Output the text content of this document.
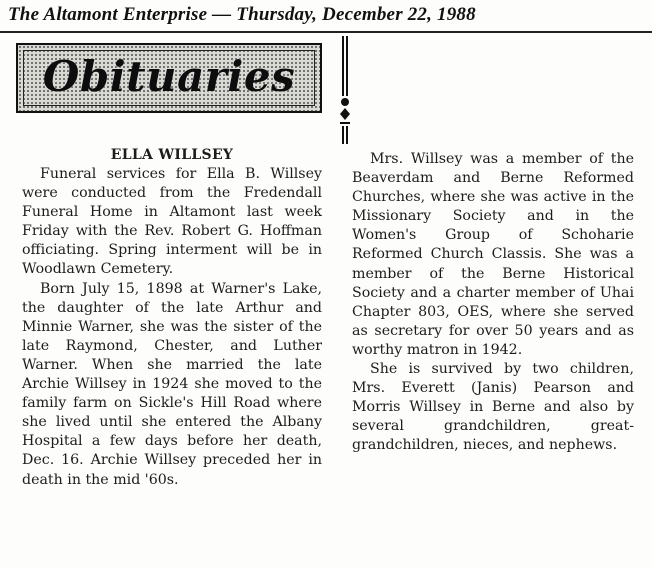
The Altamont Enterprise — Thursday, December 22, 1988
Obituaries
ELLA WILLSEY

Funeral services for Ella B. Willsey were conducted from the Fredendall Funeral Home in Altamont last week Friday with the Rev. Robert G. Hoffman officiating. Spring interment will be in Woodlawn Cemetery.

Born July 15, 1898 at Warner's Lake, the daughter of the late Arthur and Minnie Warner, she was the sister of the late Raymond, Chester, and Luther Warner. When she married the late Archie Willsey in 1924 she moved to the family farm on Sickle's Hill Road where she lived until she entered the Albany Hospital a few days before her death, Dec. 16. Archie Willsey preceded her in death in the mid '60s.

Mrs. Willsey was a member of the Beaverdam and Berne Reformed Churches, where she was active in the Missionary Society and in the Women's Group of Schoharie Reformed Church Classis. She was a member of the Berne Historical Society and a charter member of Uhai Chapter 803, OES, where she served as secretary for over 50 years and as worthy matron in 1942.

She is survived by two children, Mrs. Everett (Janis) Pearson and Morris Willsey in Berne and also by several grandchildren, great-grandchildren, nieces, and nephews.
